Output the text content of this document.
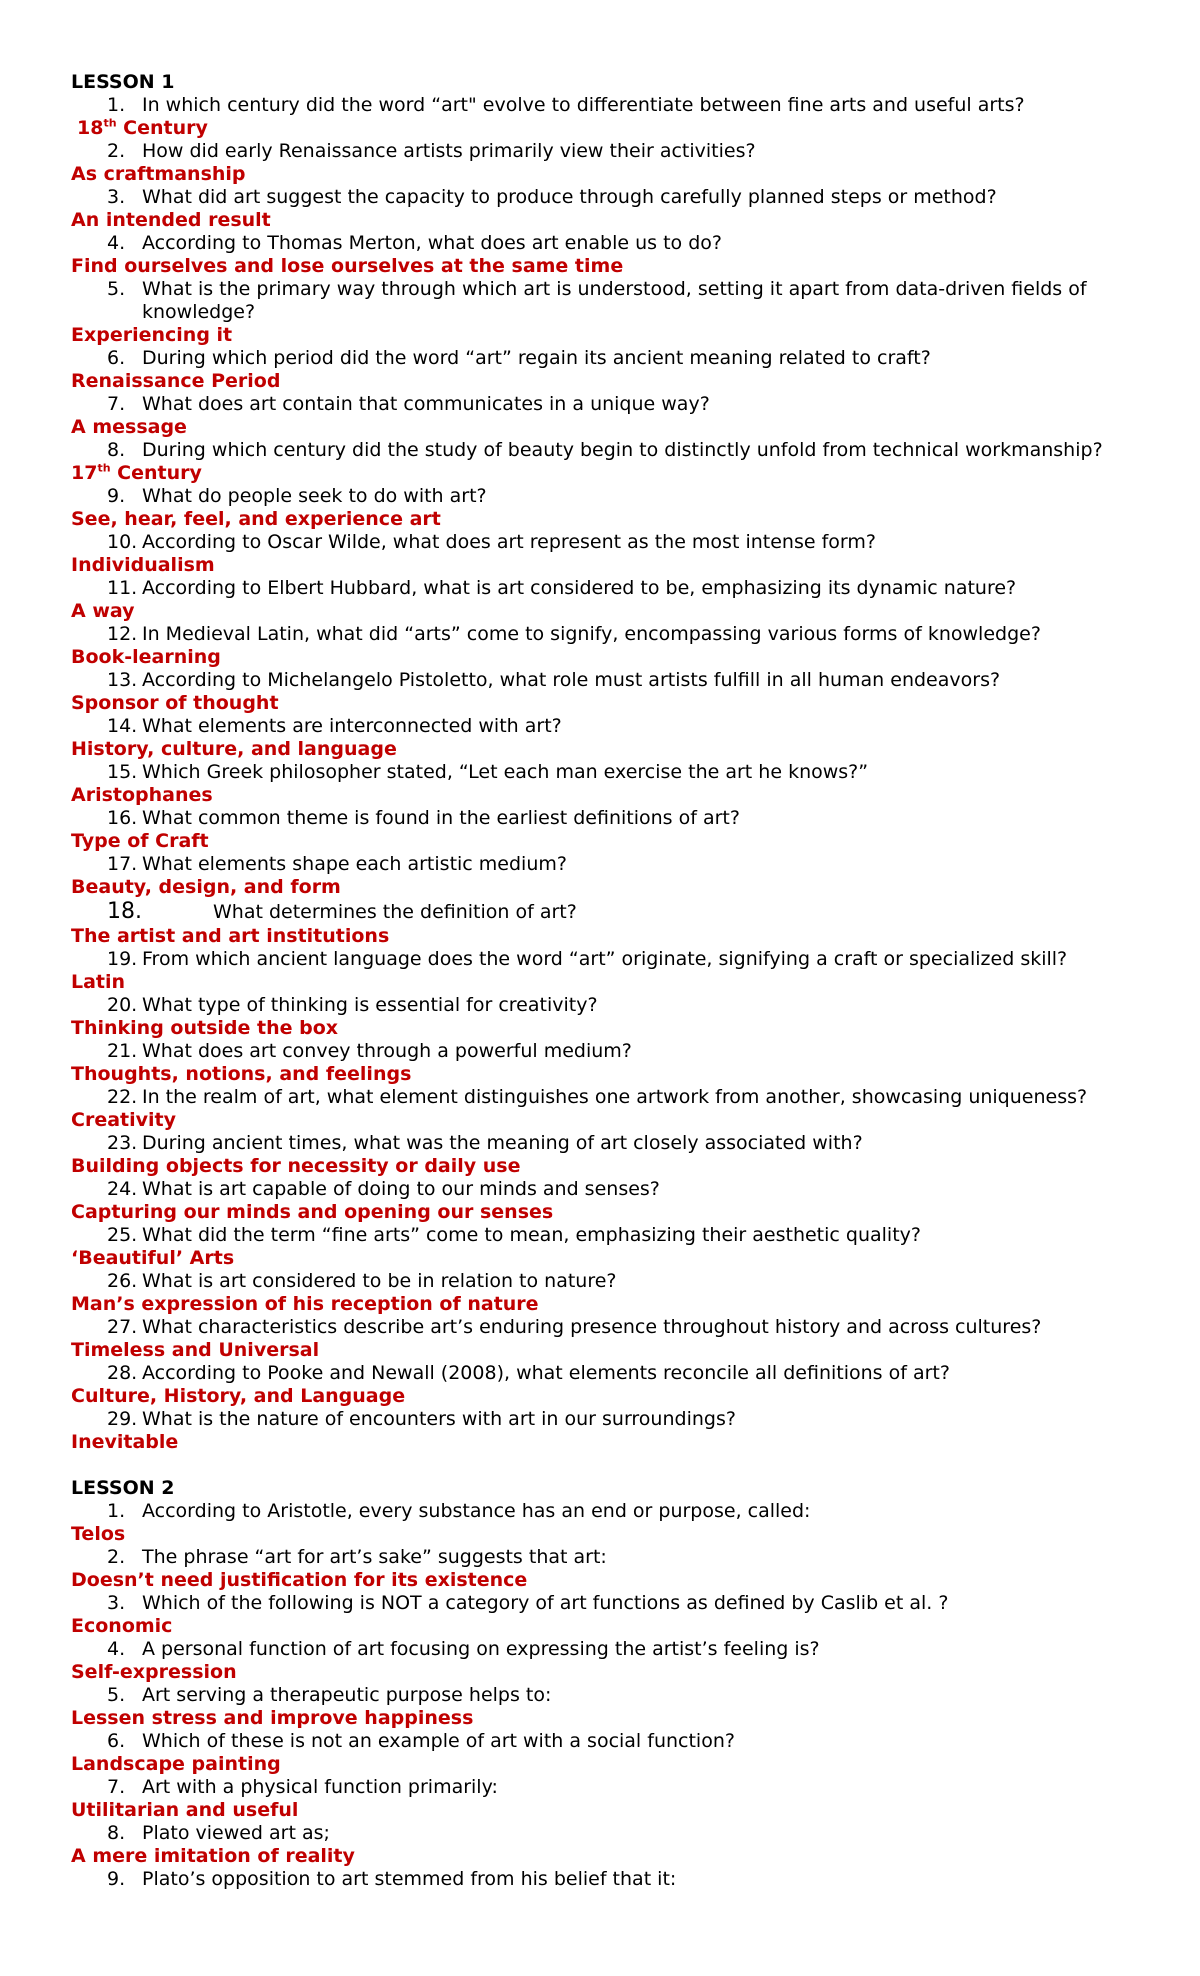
LESSON 1
1. In which century did the word “art" evolve to differentiate between fine arts and useful arts?
18th Century
2. How did early Renaissance artists primarily view their activities?
As craftmanship
3. What did art suggest the capacity to produce through carefully planned steps or method?
An intended result
4. According to Thomas Merton, what does art enable us to do?
Find ourselves and lose ourselves at the same time
5. What is the primary way through which art is understood, setting it apart from data-driven fields of knowledge?
Experiencing it
6. During which period did the word “art” regain its ancient meaning related to craft?
Renaissance Period
7. What does art contain that communicates in a unique way?
A message
8. During which century did the study of beauty begin to distinctly unfold from technical workmanship?
17th Century
9. What do people seek to do with art?
See, hear, feel, and experience art
10. According to Oscar Wilde, what does art represent as the most intense form?
Individualism
11. According to Elbert Hubbard, what is art considered to be, emphasizing its dynamic nature?
A way
12. In Medieval Latin, what did “arts” come to signify, encompassing various forms of knowledge?
Book-learning
13. According to Michelangelo Pistoletto, what role must artists fulfill in all human endeavors?
Sponsor of thought
14. What elements are interconnected with art?
History, culture, and language
15. Which Greek philosopher stated, “Let each man exercise the art he knows?”
Aristophanes
16. What common theme is found in the earliest definitions of art?
Type of Craft
17. What elements shape each artistic medium?
Beauty, design, and form
18.	What determines the definition of art?
The artist and art institutions
19. From which ancient language does the word “art” originate, signifying a craft or specialized skill?
Latin
20. What type of thinking is essential for creativity?
Thinking outside the box
21. What does art convey through a powerful medium?
Thoughts, notions, and feelings
22. In the realm of art, what element distinguishes one artwork from another, showcasing uniqueness?
Creativity
23. During ancient times, what was the meaning of art closely associated with?
Building objects for necessity or daily use
24. What is art capable of doing to our minds and senses?
Capturing our minds and opening our senses
25. What did the term “fine arts” come to mean, emphasizing their aesthetic quality?
‘Beautiful’ Arts
26. What is art considered to be in relation to nature?
Man’s expression of his reception of nature
27. What characteristics describe art’s enduring presence throughout history and across cultures?
Timeless and Universal
28. According to Pooke and Newall (2008), what elements reconcile all definitions of art?
Culture, History, and Language
29. What is the nature of encounters with art in our surroundings?
Inevitable
LESSON 2
1. According to Aristotle, every substance has an end or purpose, called:
Telos
2. The phrase “art for art’s sake” suggests that art:
Doesn’t need justification for its existence
3. Which of the following is NOT a category of art functions as defined by Caslib et al. ?
Economic
4. A personal function of art focusing on expressing the artist’s feeling is?
Self-expression
5. Art serving a therapeutic purpose helps to:
Lessen stress and improve happiness
6. Which of these is not an example of art with a social function?
Landscape painting
7. Art with a physical function primarily:
Utilitarian and useful
8. Plato viewed art as;
A mere imitation of reality
9. Plato’s opposition to art stemmed from his belief that it:
